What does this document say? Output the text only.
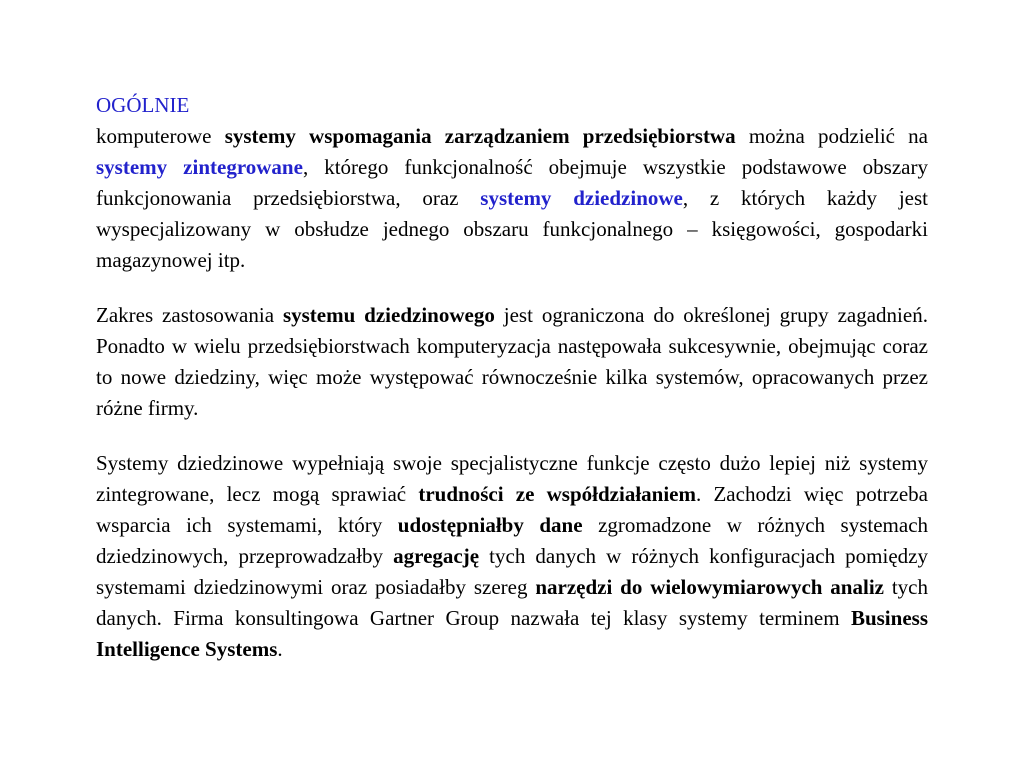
OGÓLNIE

komputerowe systemy wspomagania zarządzaniem przedsiębiorstwa można podzielić na systemy zintegrowane, którego funkcjonalność obejmuje wszystkie podstawowe obszary funkcjonowania przedsiębiorstwa, oraz systemy dziedzinowe, z których każdy jest wyspecjalizowany w obsłudze jednego obszaru funkcjonalnego – księgowości, gospodarki magazynowej itp.

Zakres zastosowania systemu dziedzinowego jest ograniczona do określonej grupy zagadnień. Ponadto w wielu przedsiębiorstwach komputeryzacja następowała sukcesywnie, obejmując coraz to nowe dziedziny, więc może występować równocześnie kilka systemów, opracowanych przez różne firmy.

Systemy dziedzinowe wypełniają swoje specjalistyczne funkcje często dużo lepiej niż systemy zintegrowane, lecz mogą sprawiać trudności ze współdziałaniem. Zachodzi więc potrzeba wsparcia ich systemami, który udostępniałby dane zgromadzone w różnych systemach dziedzinowych, przeprowadzałby agregację tych danych w różnych konfiguracjach pomiędzy systemami dziedzinowymi oraz posiadałby szereg narzędzi do wielowymiarowych analiz tych danych. Firma konsultingowa Gartner Group nazwała tej klasy systemy terminem Business Intelligence Systems.
